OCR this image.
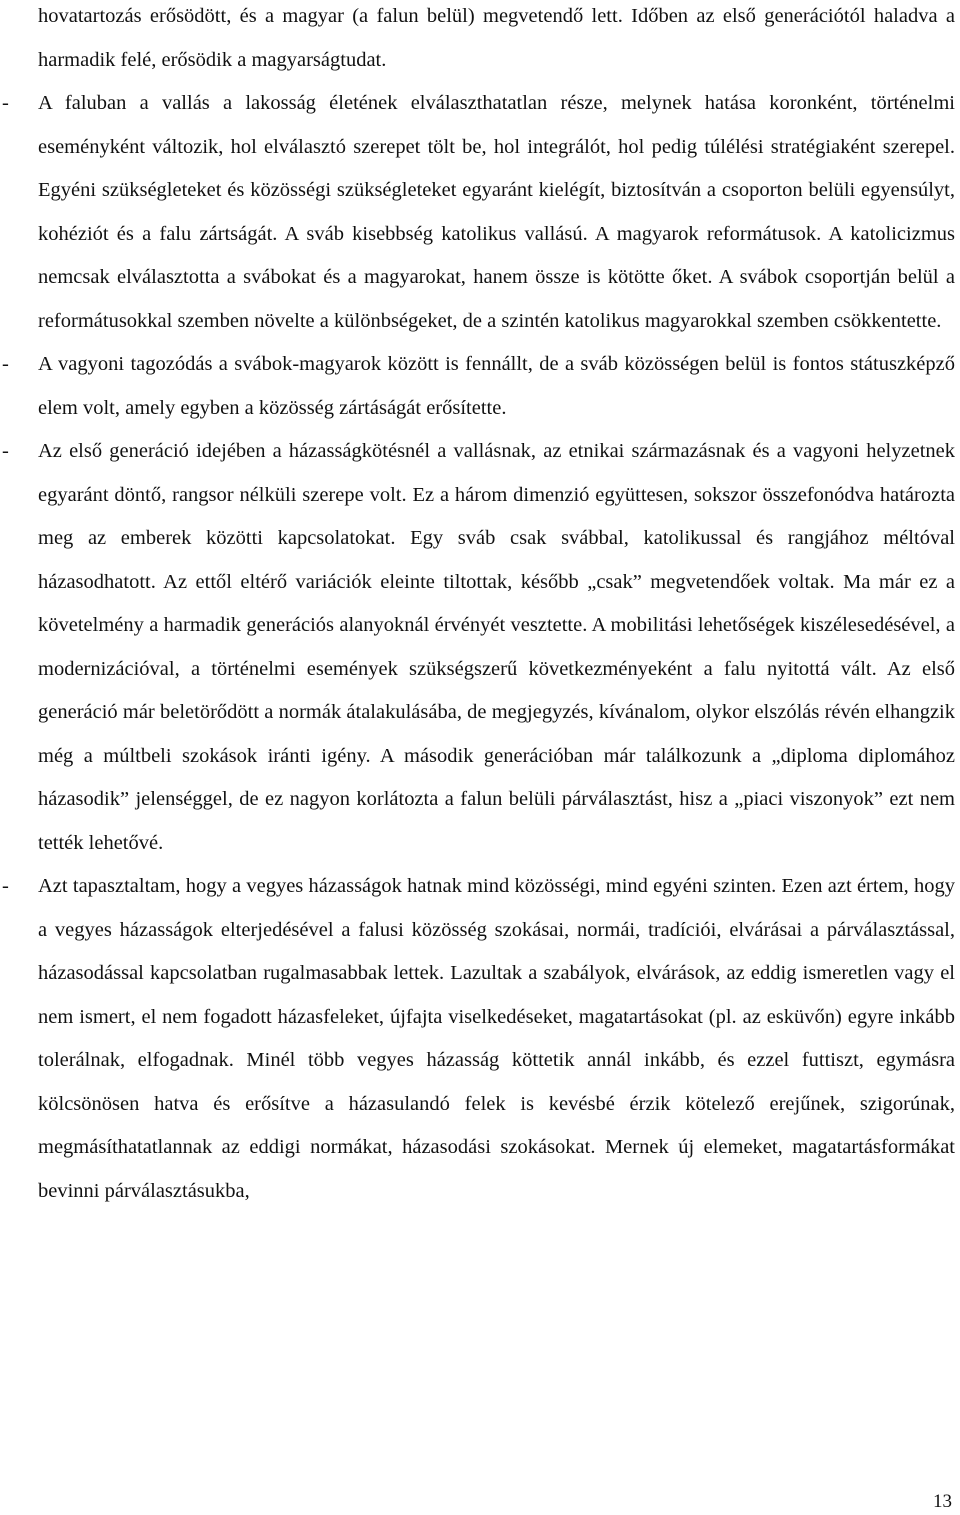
hovatartozás erősödött, és a magyar (a falun belül) megvetendő lett. Időben az első generációtól haladva a harmadik felé, erősödik a magyarságtudat.

- A faluban a vallás a lakosság életének elválaszthatatlan része, melynek hatása koronként, történelmi eseményként változik, hol elválasztó szerepet tölt be, hol integrálót, hol pedig túlélési stratégiaként szerepel. Egyéni szükségleteket és közösségi szükségleteket egyaránt kielégít, biztosítván a csoporton belüli egyensúlyt, kohéziót és a falu zártságát. A sváb kisebbség katolikus vallású. A magyarok reformátusok. A katolicizmus nemcsak elválasztotta a svábokat és a magyarokat, hanem össze is kötötte őket. A svábok csoportján belül a reformátusokkal szemben növelte a különbségeket, de a szintén katolikus magyarokkal szemben csökkentette.

- A vagyoni tagozódás a svábok-magyarok között is fennállt, de a sváb közösségen belül is fontos státuszképző elem volt, amely egyben a közösség zártáságát erősítette.

- Az első generáció idejében a házasságkötésnél a vallásnak, az etnikai származásnak és a vagyoni helyzetnek egyaránt döntő, rangsor nélküli szerepe volt. Ez a három dimenzió együttesen, sokszor összefonódva határozta meg az emberek közötti kapcsolatokat. Egy sváb csak svábbal, katolikussal és rangjához méltóval házasodhatott. Az ettől eltérő variációk eleinte tiltottak, később „csak” megvetendőek voltak. Ma már ez a követelmény a harmadik generációs alanyoknál érvényét vesztette. A mobilitási lehetőségek kiszélesedésével, a modernizációval, a történelmi események szükségszerű következményeként a falu nyitottá vált. Az első generáció már beletörődött a normák átalakulásába, de megjegyzés, kívánalom, olykor elszólás révén elhangzik még a múltbeli szokások iránti igény. A második generációban már találkozunk a „diploma diplomához házasodik” jelenséggel, de ez nagyon korlátozta a falun belüli párválasztást, hisz a „piaci viszonyok” ezt nem tették lehetővé.

- Azt tapasztaltam, hogy a vegyes házasságok hatnak mind közösségi, mind egyéni szinten. Ezen azt értem, hogy a vegyes házasságok elterjedésével a falusi közösség szokásai, normái, tradíciói, elvárásai a párválasztással, házasodással kapcsolatban rugalmasabbak lettek. Lazultak a szabályok, elvárások, az eddig ismeretlen vagy el nem ismert, el nem fogadott házasfeleket, újfajta viselkedéseket, magatartásokat (pl. az esküvőn) egyre inkább tolerálnak, elfogadnak. Minél több vegyes házasság köttetik annál inkább, és ezzel futtiszt, egymásra kölcsönösen hatva és erősítve a házasulandó felek is kevésbé érzik kötelező erejűnek, szigorúnak, megmásíthatatlannak az eddigi normákat, házasodási szokásokat. Mernek új elemeket, magatartásformákat bevinni párválasztásukba,

13
